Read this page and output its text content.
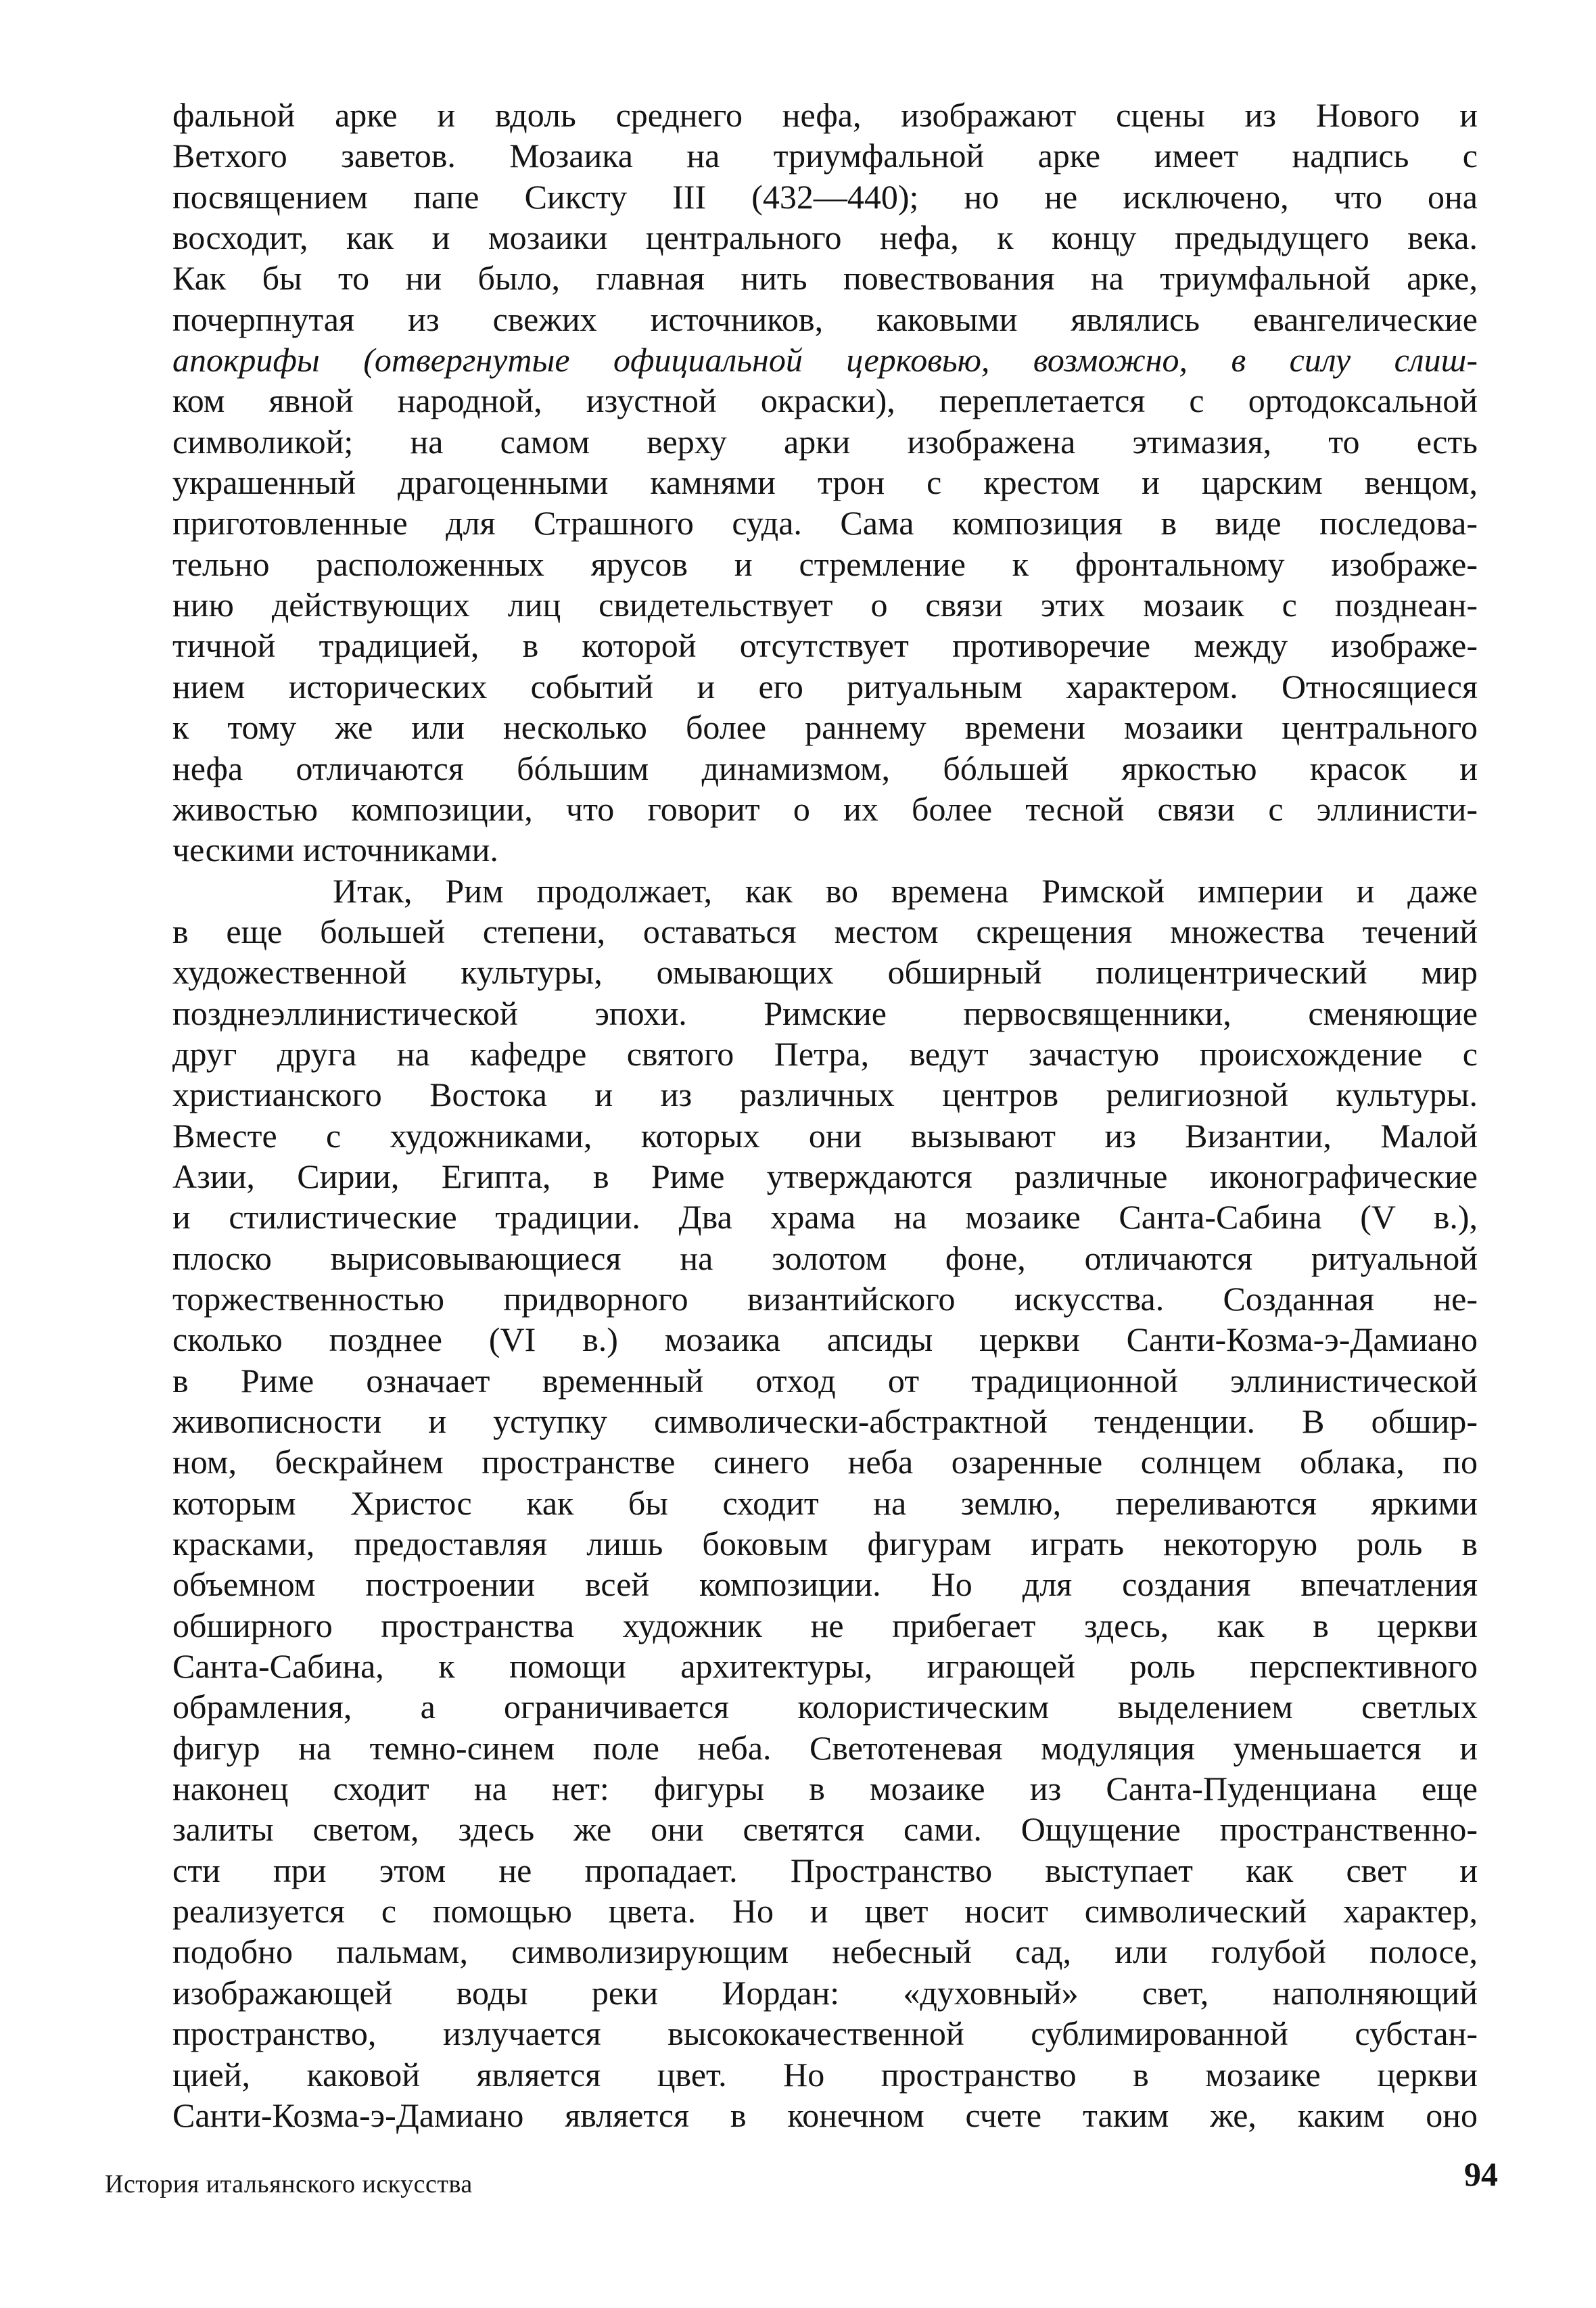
фальной арке и вдоль среднего нефа, изображают сцены из Нового и
Ветхого заветов. Мозаика на триумфальной арке имеет надпись с
посвящением папе Сиксту III (432—440); но не исключено, что она
восходит, как и мозаики центрального нефа, к концу предыдущего века.
Как бы то ни было, главная нить повествования на триумфальной арке,
почерпнутая из свежих источников, каковыми являлись евангелические
апокрифы (отвергнутые официальной церковью, возможно, в силу слиш-
ком явной народной, изустной окраски), переплетается с ортодоксальной
символикой; на самом верху арки изображена этимазия, то есть
украшенный драгоценными камнями трон с крестом и царским венцом,
приготовленные для Страшного суда. Сама композиция в виде последова-
тельно расположенных ярусов и стремление к фронтальному изображе-
нию действующих лиц свидетельствует о связи этих мозаик с позднеан-
тичной традицией, в которой отсутствует противоречие между изображе-
нием исторических событий и его ритуальным характером. Относящиеся
к тому же или несколько более раннему времени мозаики центрального
нефа отличаются бóльшим динамизмом, бóльшей яркостью красок и
живостью композиции, что говорит о их более тесной связи с эллинисти-
ческими источниками.
Итак, Рим продолжает, как во времена Римской империи и даже
в еще большей степени, оставаться местом скрещения множества течений
художественной культуры, омывающих обширный полицентрический мир
позднеэллинистической эпохи. Римские первосвященники, сменяющие
друг друга на кафедре святого Петра, ведут зачастую происхождение с
христианского Востока и из различных центров религиозной культуры.
Вместе с художниками, которых они вызывают из Византии, Малой
Азии, Сирии, Египта, в Риме утверждаются различные иконографические
и стилистические традиции. Два храма на мозаике Санта-Сабина (V в.),
плоско вырисовывающиеся на золотом фоне, отличаются ритуальной
торжественностью придворного византийского искусства. Созданная не-
сколько позднее (VI в.) мозаика апсиды церкви Санти-Козма-э-Дамиано
в Риме означает временный отход от традиционной эллинистической
живописности и уступку символически-абстрактной тенденции. В обшир-
ном, бескрайнем пространстве синего неба озаренные солнцем облака, по
которым Христос как бы сходит на землю, переливаются яркими
красками, предоставляя лишь боковым фигурам играть некоторую роль в
объемном построении всей композиции. Но для создания впечатления
обширного пространства художник не прибегает здесь, как в церкви
Санта-Сабина, к помощи архитектуры, играющей роль перспективного
обрамления, а ограничивается колористическим выделением светлых
фигур на темно-синем поле неба. Светотеневая модуляция уменьшается и
наконец сходит на нет: фигуры в мозаике из Санта-Пуденциана еще
залиты светом, здесь же они светятся сами. Ощущение пространственно-
сти при этом не пропадает. Пространство выступает как свет и
реализуется с помощью цвета. Но и цвет носит символический характер,
подобно пальмам, символизирующим небесный сад, или голубой полосе,
изображающей воды реки Иордан: «духовный» свет, наполняющий
пространство, излучается высококачественной сублимированной субстан-
цией, каковой является цвет. Но пространство в мозаике церкви
Санти-Козма-э-Дамиано является в конечном счете таким же, каким оно
История итальянского искусства	94
